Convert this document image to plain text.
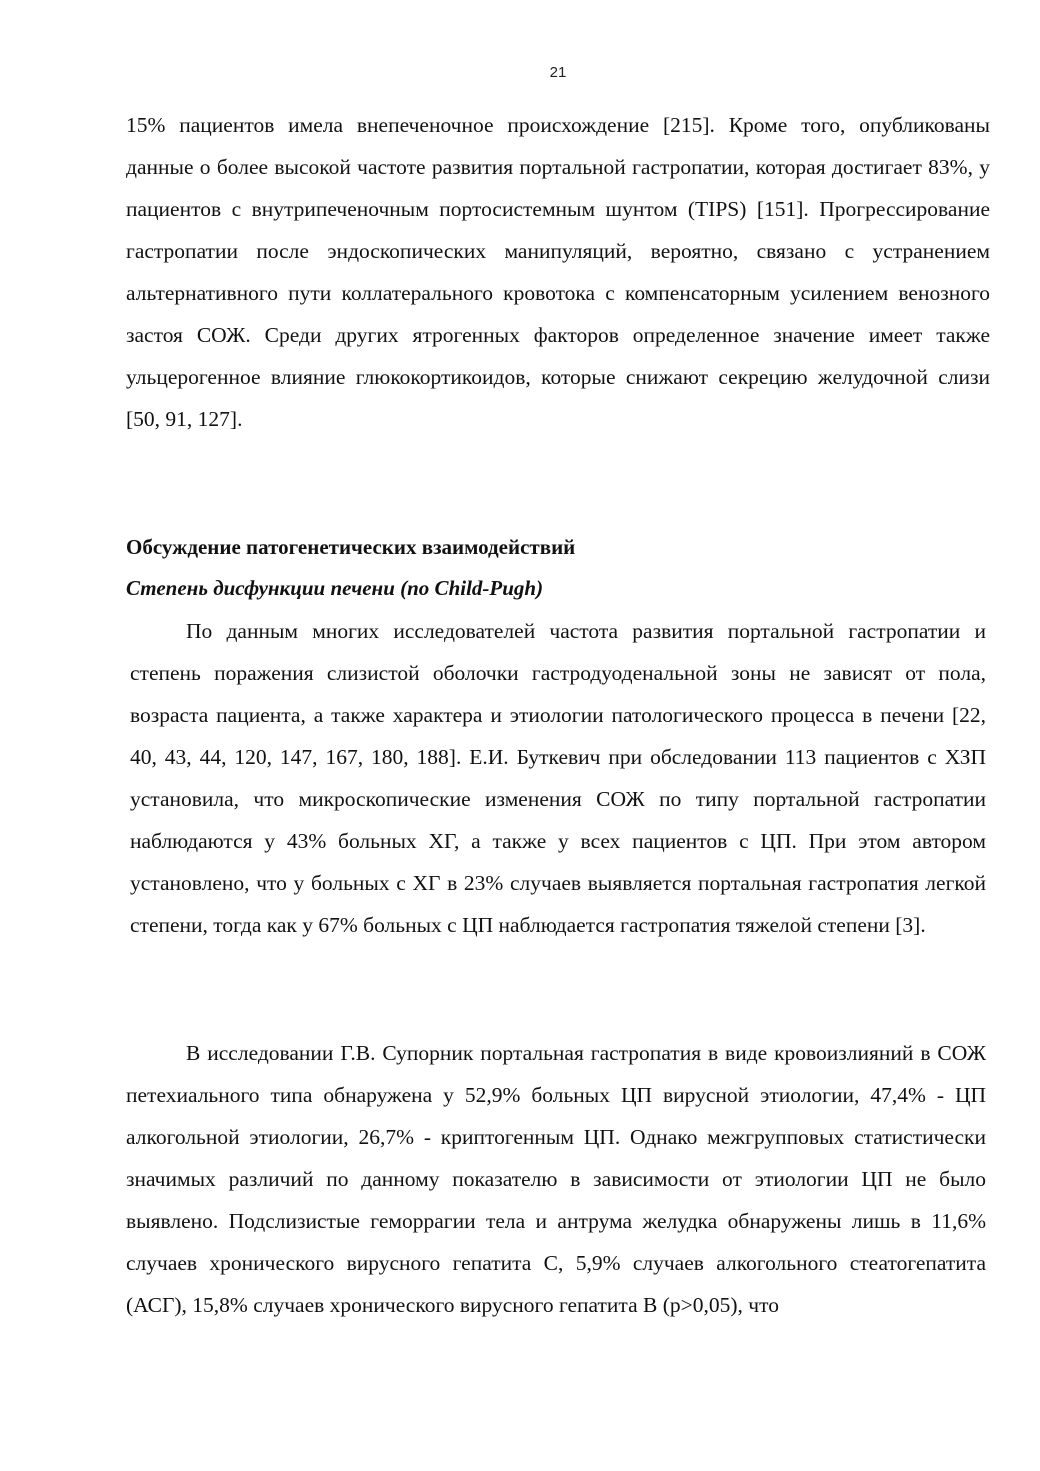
21

15% пациентов имела внепеченочное происхождение [215]. Кроме того, опубликованы данные о более высокой частоте развития портальной гастропатии, которая достигает 83%, у пациентов с внутрипеченочным портосистемным шунтом (TIPS) [151]. Прогрессирование гастропатии после эндоскопических манипуляций, вероятно, связано с устранением альтернативного пути коллатерального кровотока с компенсаторным усилением венозного застоя СОЖ. Среди других ятрогенных факторов определенное значение имеет также ульцерогенное влияние глюкокортикоидов, которые снижают секрецию желудочной слизи [50, 91, 127].

Обсуждение патогенетических взаимодействий
Степень дисфункции печени (по Child-Pugh)

По данным многих исследователей частота развития портальной гастропатии и степень поражения слизистой оболочки гастродуоденальной зоны не зависят от пола, возраста пациента, а также характера и этиологии патологического процесса в печени [22, 40, 43, 44, 120, 147, 167, 180, 188]. Е.И. Буткевич при обследовании 113 пациентов с ХЗП установила, что микроскопические изменения СОЖ по типу портальной гастропатии наблюдаются у 43% больных ХГ, а также у всех пациентов с ЦП. При этом автором установлено, что у больных с ХГ в 23% случаев выявляется портальная гастропатия легкой степени, тогда как у 67% больных с ЦП наблюдается гастропатия тяжелой степени [3].

В исследовании Г.В. Супорник портальная гастропатия в виде кровоизлияний в СОЖ петехиального типа обнаружена у 52,9% больных ЦП вирусной этиологии, 47,4% - ЦП алкогольной этиологии, 26,7% - криптогенным ЦП. Однако межгрупповых статистически значимых различий по данному показателю в зависимости от этиологии ЦП не было выявлено. Подслизистые геморрагии тела и антрума желудка обнаружены лишь в 11,6% случаев хронического вирусного гепатита С, 5,9% случаев алкогольного стеатогепатита (АСГ), 15,8% случаев хронического вирусного гепатита В (p>0,05), что
